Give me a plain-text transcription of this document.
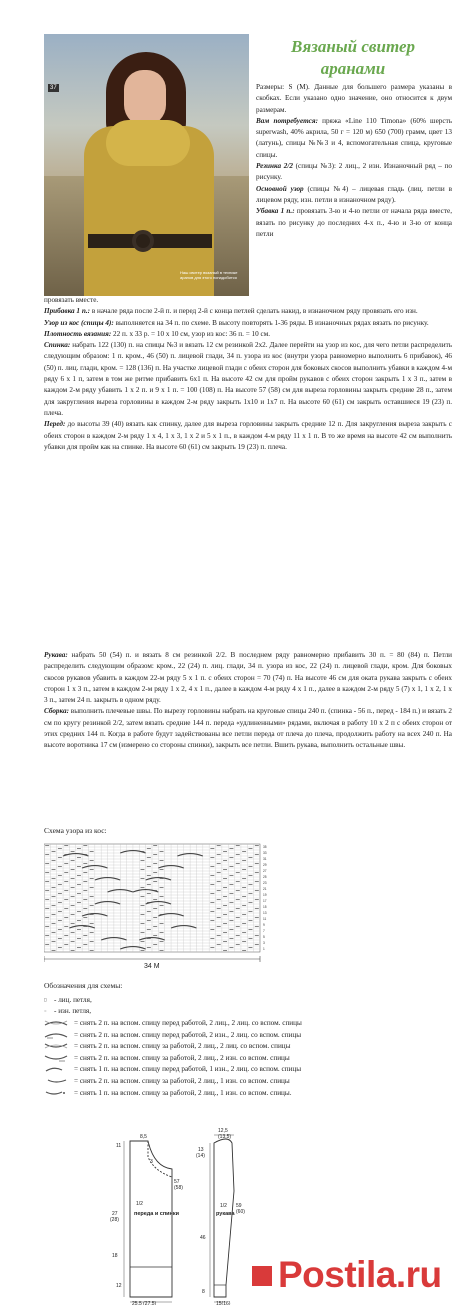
37
Наш свитер вязаный в технике аранов для этого понадобится
Вязаный свитер
аранами

Размеры: S (M). Данные для большего размера указаны в скобках. Если указано одно значение, оно относится к двум размерам.

Вам потребуется: пряжа «Line 110 Timona» (60% шерсть superwash, 40% акрила, 50 г = 120 м) 650 (700) грамм, цвет 13 (латунь), спицы №№3 и 4, вспомогательная спица, круговые спицы.

Резинка 2/2 (спицы №3): 2 лиц., 2 изн. Изнаночный ряд – по рисунку.

Основной узор (спицы №4) – лицевая гладь (лиц. петли в лицевом ряду, изн. петли в изнаночном ряду).

Убавка 1 п.: провязать 3-ю и 4-ю петли от начала ряда вместе, вязать по рисунку до последних 4-х п., 4-ю и 3-ю от конца петли

провязать вместе.

Прибавка 1 п.: в начале ряда после 2-й п. и перед 2-й с конца петлей сделать накид, в изнаночном ряду провязать его изн.

Узор из кос (спицы 4): выполняется на 34 п. по схеме. В высоту повторять 1-36 ряды. В изнаночных рядах вязать по рисунку.

Плотность вязания: 22 п. х 33 р. = 10 х 10 см, узор из кос: 36 п. = 10 см.

Спинка: набрать 122 (130) п. на спицы №3 и вязать 12 см резинкой 2х2. Далее перейти на узор из кос, для чего петли распределить следующим образом: 1 п. кром., 46 (50) п. лицевой глади, 34 п. узора из кос (внутри узора равномерно выполнить 6 прибавок), 46 (50) п. лиц. глади, кром. = 128 (136) п. На участке лицевой глади с обеих сторон для боковых скосов выполнить убавки в каждом 4-м ряду 6 х 1 п, затем в том же ритме прибавить 6х1 п. На высоте 42 см для пройм рукавов с обеих сторон закрыть 1 х 3 п., затем в каждом 2-м ряду убавить 1 х 2 п. и 9 х 1 п. = 100 (108) п. На высоте 57 (58) см для выреза горловины закрыть средние 28 п., затем для закругления выреза горловины в каждом 2-м ряду закрыть 1х10 и 1х7 п. На высоте 60 (61) см закрыть оставшиеся 19 (23) п. плеча.

Перед: до высоты 39 (40) вязать как спинку, далее для выреза горловины закрыть средние 12 п. Для закругления выреза закрыть с обеих сторон в каждом 2-м ряду 1 х 4, 1 х 3, 1 х 2 и 5 х 1 п., в каждом 4-м ряду 11 х 1 п. В то же время на высоте 42 см выполнить убавки для пройм как на спинке. На высоте 60 (61) см закрыть 19 (23) п. плеча.

Рукава: набрать 50 (54) п. и вязать 8 см резинкой 2/2. В последнем ряду равномерно прибавить 30 п. = 80 (84) п. Петли распределить следующим образом: кром., 22 (24) п. лиц. глади, 34 п. узора из кос, 22 (24) п. лицевой глади, кром. Для боковых скосов рукавов убавить в каждом 22-м ряду 5 х 1 п. с обеих сторон = 70 (74) п. На высоте 46 см для окатa рукава закрыть с обеих сторон 1 х 3 п., затем в каждом 2-м ряду 1 х 2, 4 х 1 п., далее в каждом 4-м ряду 4 х 1 п., далее в каждом 2-м ряду 5 (7) х 1, 1 х 2, 1 х 3 п., затем 24 п. закрыть в одном ряду.

Сборка: выполнить плечевые швы. По вырезу горловины набрать на круговые спицы 240 п. (спинка - 56 п., перед - 184 п.) и вязать 2 см по кругу резинкой 2/2, затем вязать средние 144 п. переда «удлиненными» рядами, включая в работу 10 х 2 п с обеих сторон от этих средних 144 п. Когда в работе будут задействованы все петли переда от плеча до плеча, продолжить работу на всех 240 п. На высоте воротника 17 см (измерено со стороны спинки), закрыть все петли. Вшить рукава, выполнить остальные швы.

Схема узора из кос:
35
33
31
29
27
25
23
21
19
17
15
13
11
9
7
5
3
1
34 М
Обозначения для схемы:
- лиц. петля,
- изн. петля,
= снять 2 п. на вспом. спицу перед работой, 2 лиц., 2 лиц. со вспом. спицы
= снять 2 п. на вспом. спицу перед работой, 2 изн., 2 лиц. со вспом. спицы
= снять 2 п. на вспом. спицу за работой, 2 лиц., 2 лиц. со вспом. спицы
= снять 2 п. на вспом. спицу за работой, 2 лиц., 2 изн. со вспом. спицы
= снять 1 п. на вспом. спицу перед работой, 1 изн., 2 лиц. со вспом. спицы
= снять 2 п. на вспом. спицу за работой, 2 лиц., 1 изн. со вспом. спицы
= снять 1 п. на вспом. спицу за работой, 2 лиц., 1 изн. со вспом. спицы.
8,5
11
3
57
(58)
27
(28)
1/2
переда и спинки
18
12
25,5 (27,5)
12,5
(13,5)
13
(14)
59
(60)
1/2
рукава
46
8
15(16)
Postila.ru
